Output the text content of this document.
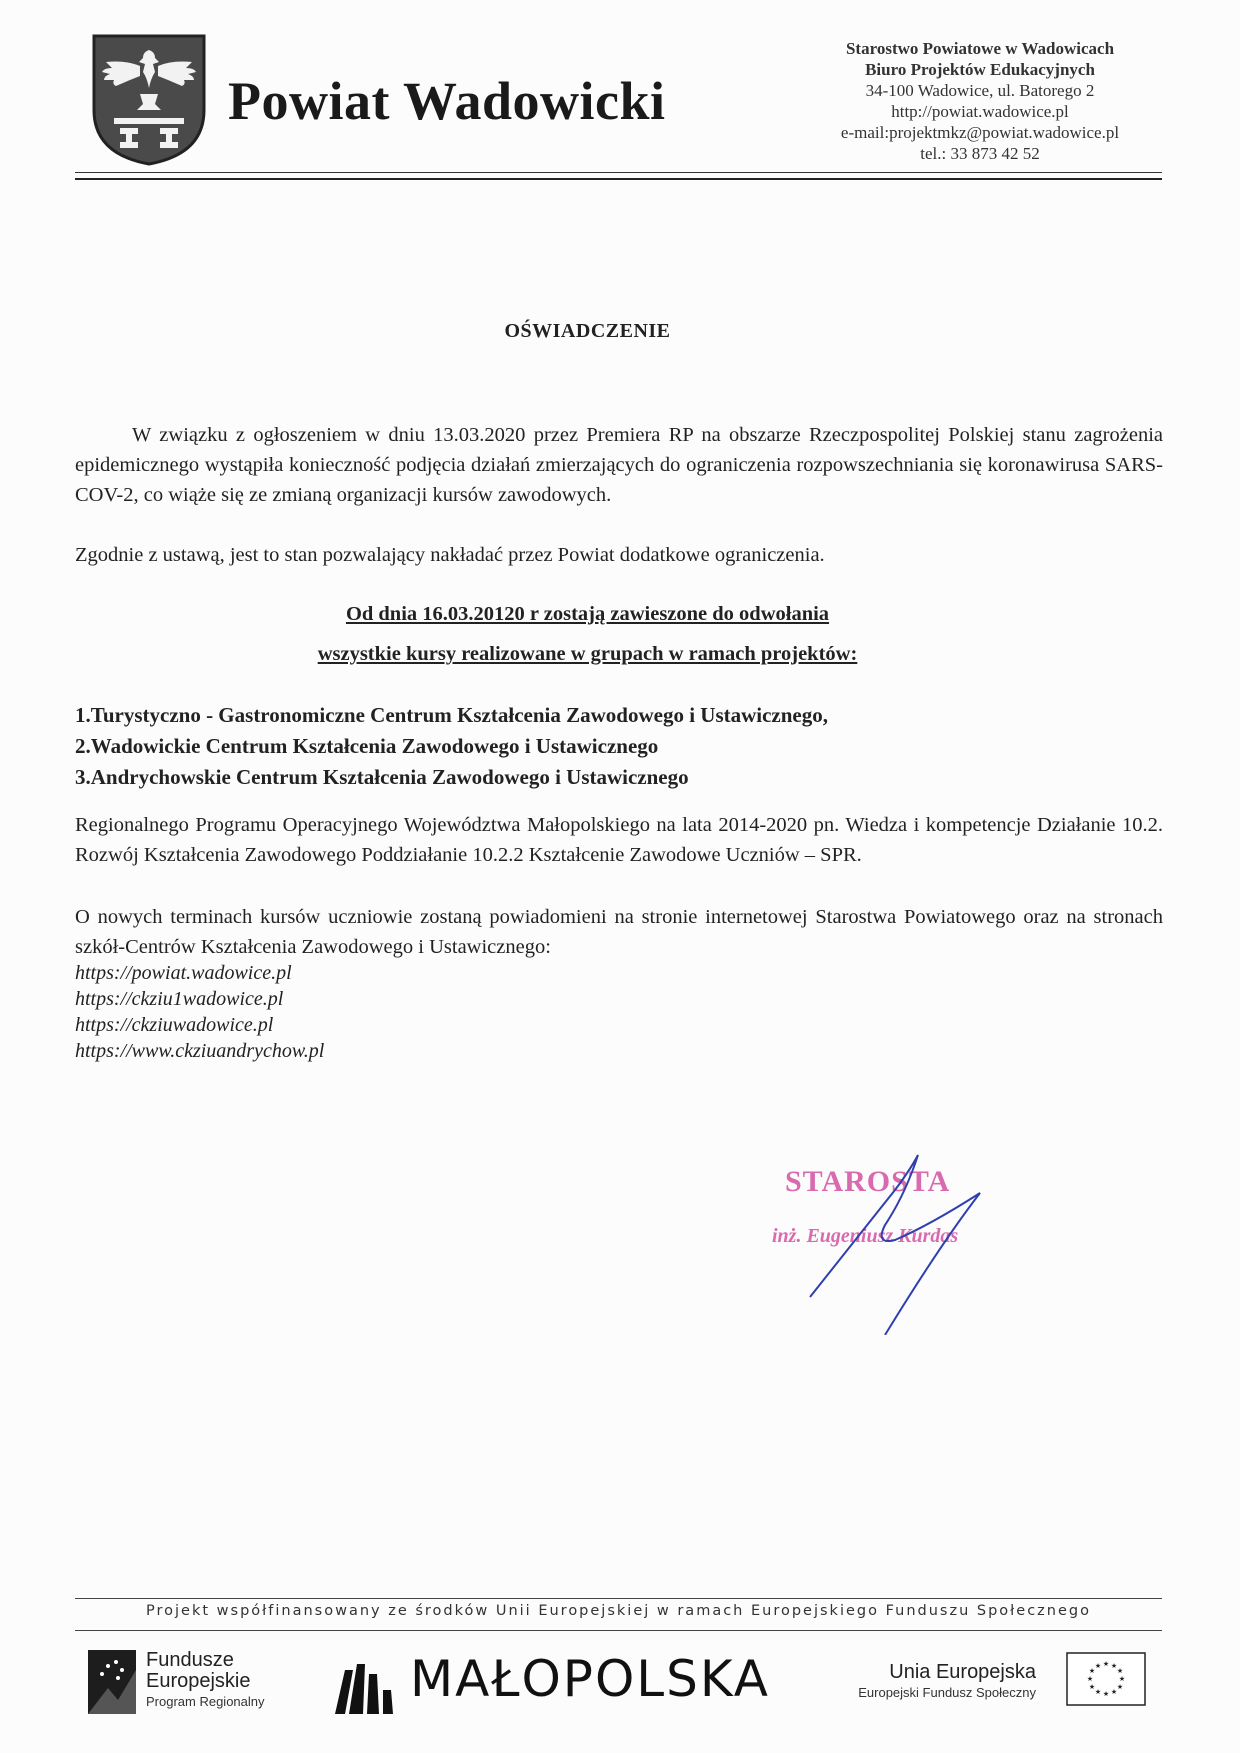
Powiat Wadowicki
Starostwo Powiatowe w Wadowicach
Biuro Projektów Edukacyjnych
34-100 Wadowice, ul. Batorego 2
http://powiat.wadowice.pl
e-mail:projektmkz@powiat.wadowice.pl
tel.: 33 873 42 52
OŚWIADCZENIE
W związku z ogłoszeniem w dniu 13.03.2020 przez Premiera RP na obszarze Rzeczpospolitej Polskiej stanu zagrożenia epidemicznego wystąpiła konieczność podjęcia działań zmierzających do ograniczenia rozpowszechniania się koronawirusa SARS-COV-2, co wiąże się ze zmianą organizacji kursów zawodowych.
Zgodnie z ustawą, jest to stan pozwalający nakładać przez Powiat dodatkowe ograniczenia.
Od dnia 16.03.20120 r zostają zawieszone do odwołania
wszystkie kursy realizowane w grupach w ramach projektów:
1.Turystyczno - Gastronomiczne Centrum Kształcenia Zawodowego i Ustawicznego,
2.Wadowickie Centrum Kształcenia Zawodowego i Ustawicznego
3.Andrychowskie Centrum Kształcenia Zawodowego i Ustawicznego
Regionalnego Programu Operacyjnego Województwa Małopolskiego na lata 2014-2020 pn. Wiedza i kompetencje Działanie 10.2. Rozwój Kształcenia Zawodowego Poddziałanie 10.2.2 Kształcenie Zawodowe Uczniów – SPR.
O nowych terminach kursów uczniowie zostaną powiadomieni na stronie internetowej Starostwa Powiatowego oraz na stronach szkół-Centrów Kształcenia Zawodowego i Ustawicznego:
https://powiat.wadowice.pl
https://ckziu1wadowice.pl
https://ckziuwadowice.pl
https://www.ckziuandrychow.pl
STAROSTA
inż. Eugeniusz Kurdas
Projekt współfinansowany ze środków Unii Europejskiej w ramach Europejskiego Funduszu Społecznego
Fundusze
Europejskie
Program Regionalny	MAŁOPOLSKA	Unia Europejska
Europejski Fundusz Społeczny
★ ★
★
★
★
★
★
★
★
★
★
★
